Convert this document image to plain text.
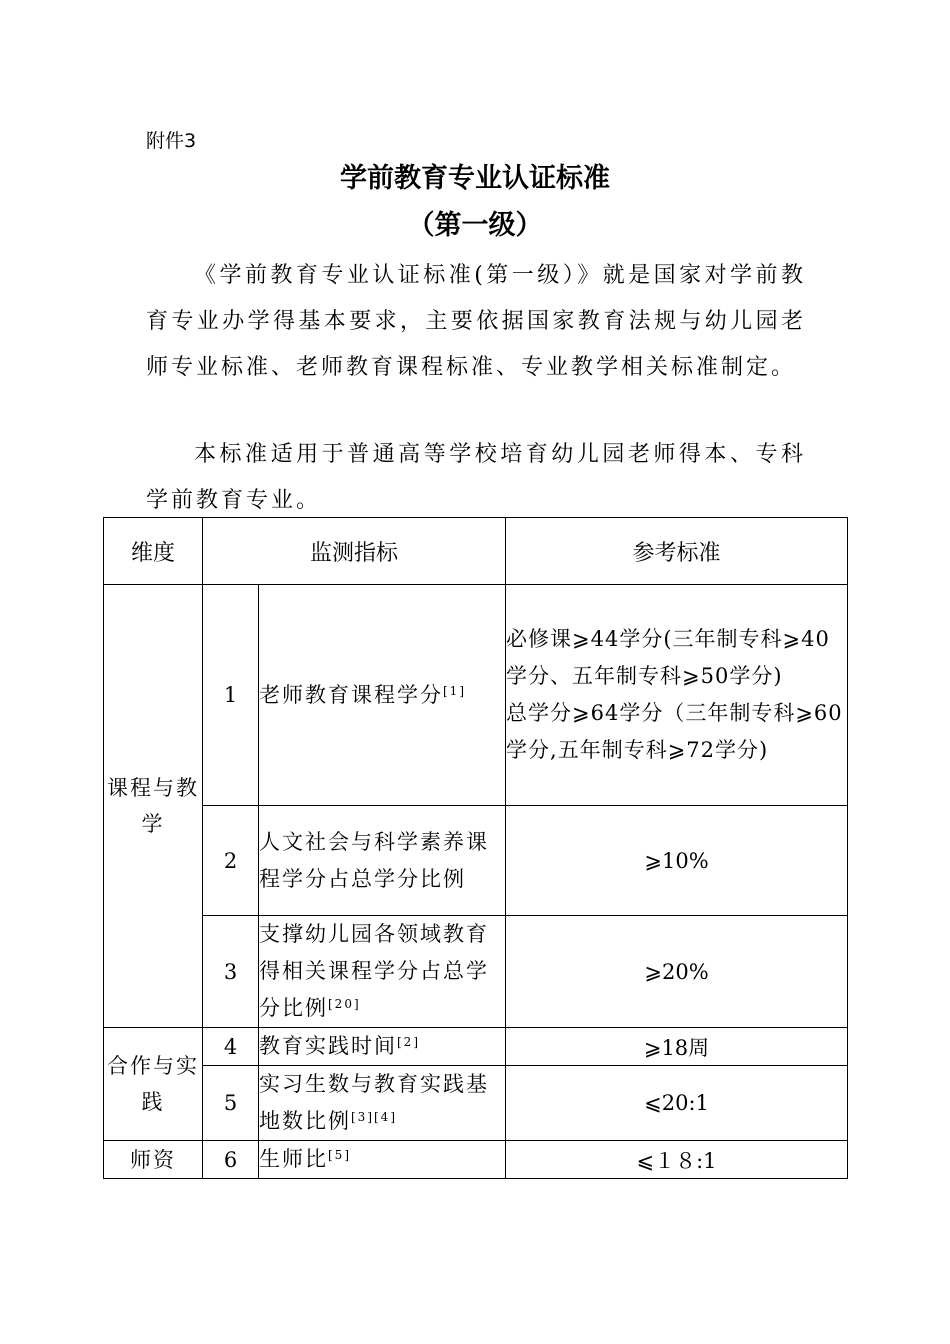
附件3
学前教育专业认证标准
（第一级）

《学前教育专业认证标准(第一级）》就是国家对学前教育专业办学得基本要求，主要依据国家教育法规与幼儿园老师专业标准、老师教育课程标准、专业教学相关标准制定。

本标准适用于普通高等学校培育幼儿园老师得本、专科学前教育专业。

维度	监测指标		参考标准
课程与教学	1	老师教育课程学分[1]	必修课⩾44学分(三年制专科⩾40学分、五年制专科⩾50学分)
总学分⩾64学分（三年制专科⩾60学分,五年制专科⩾72学分)

	2	人文社会与科学素养课程学分占总学分比例	⩾10%
	3	支撑幼儿园各领域教育得相关课程学分占总学分比例[20]	⩾20%
合作与实践	4	教育实践时间[2]	⩾18周
	5	实习生数与教育实践基地数比例[3][4]	⩽20:1
师资	6	生师比[5]	⩽１８:1
